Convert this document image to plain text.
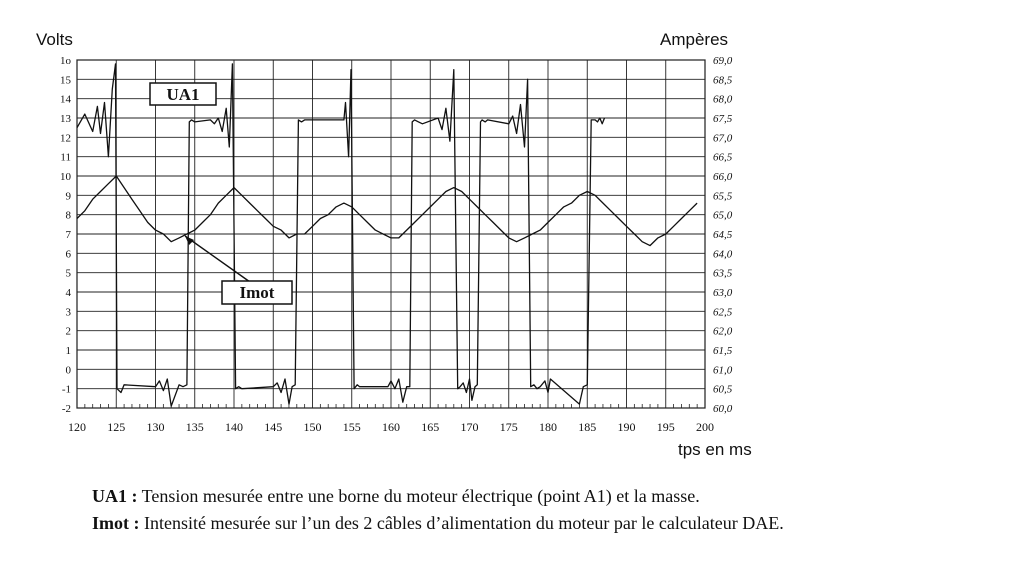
Volts	Ampères
tps en ms
-2
-1
0
1
2
3
4
5
6
7
8
9
10
11
12
13
14
15
1o
60,0
60,5
61,0
61,5
62,0
62,5
63,0
63,5
64,0
64,5
65,0
65,5
66,0
66,5
67,0
67,5
68,0
68,5
69,0
120 125 130 135 140 145 150 155 160 165 170 175 180 185 190 195 200
UA1
Imot
UA1 : Tension mesurée entre une borne du moteur électrique (point A1) et la masse.
Imot : Intensité mesurée sur l’un des 2 câbles d’alimentation du moteur par le calculateur DAE.
